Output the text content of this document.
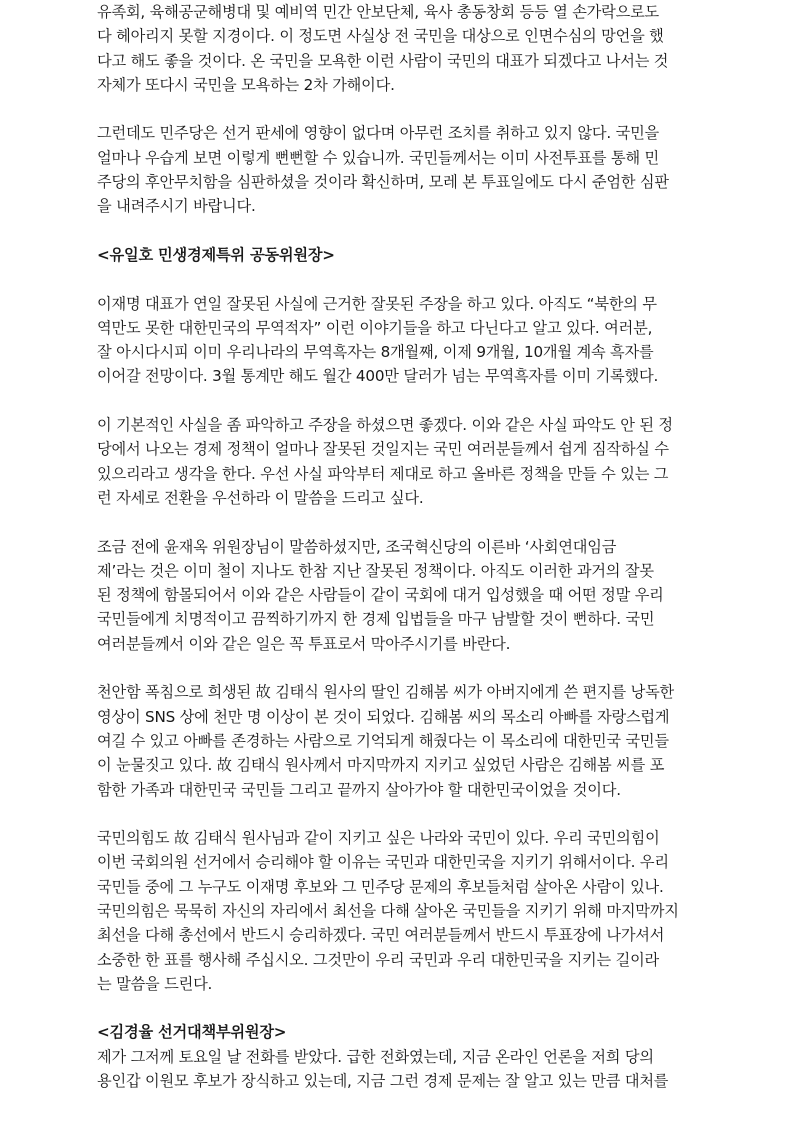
유족회, 육해공군해병대 및 예비역 민간 안보단체, 육사 총동창회 등등 열 손가락으로도
다 헤아리지 못할 지경이다. 이 정도면 사실상 전 국민을 대상으로 인면수심의 망언을 했
다고 해도 좋을 것이다. 온 국민을 모욕한 이런 사람이 국민의 대표가 되겠다고 나서는 것
자체가 또다시 국민을 모욕하는 2차 가해이다.
그런데도 민주당은 선거 판세에 영향이 없다며 아무런 조치를 취하고 있지 않다. 국민을
얼마나 우습게 보면 이렇게 뻔뻔할 수 있습니까. 국민들께서는 이미 사전투표를 통해 민
주당의 후안무치함을 심판하셨을 것이라 확신하며, 모레 본 투표일에도 다시 준엄한 심판
을 내려주시기 바랍니다.
<유일호 민생경제특위 공동위원장>
이재명 대표가 연일 잘못된 사실에 근거한 잘못된 주장을 하고 있다. 아직도 “북한의 무
역만도 못한 대한민국의 무역적자” 이런 이야기들을 하고 다닌다고 알고 있다. 여러분,
잘 아시다시피 이미 우리나라의 무역흑자는 8개월째, 이제 9개월, 10개월 계속 흑자를
이어갈 전망이다. 3월 통계만 해도 월간 400만 달러가 넘는 무역흑자를 이미 기록했다.
이 기본적인 사실을 좀 파악하고 주장을 하셨으면 좋겠다. 이와 같은 사실 파악도 안 된 정
당에서 나오는 경제 정책이 얼마나 잘못된 것일지는 국민 여러분들께서 쉽게 짐작하실 수
있으리라고 생각을 한다. 우선 사실 파악부터 제대로 하고 올바른 정책을 만들 수 있는 그
런 자세로 전환을 우선하라 이 말씀을 드리고 싶다.
조금 전에 윤재옥 위원장님이 말씀하셨지만, 조국혁신당의 이른바 ‘사회연대임금
제’라는 것은 이미 철이 지나도 한참 지난 잘못된 정책이다. 아직도 이러한 과거의 잘못
된 정책에 함몰되어서 이와 같은 사람들이 같이 국회에 대거 입성했을 때 어떤 정말 우리
국민들에게 치명적이고 끔찍하기까지 한 경제 입법들을 마구 남발할 것이 뻔하다. 국민
여러분들께서 이와 같은 일은 꼭 투표로서 막아주시기를 바란다.
천안함 폭침으로 희생된 故 김태식 원사의 딸인 김해봄 씨가 아버지에게 쓴 편지를 낭독한
영상이 SNS 상에 천만 명 이상이 본 것이 되었다. 김해봄 씨의 목소리 아빠를 자랑스럽게
여길 수 있고 아빠를 존경하는 사람으로 기억되게 해줬다는 이 목소리에 대한민국 국민들
이 눈물짓고 있다. 故 김태식 원사께서 마지막까지 지키고 싶었던 사람은 김해봄 씨를 포
함한 가족과 대한민국 국민들 그리고 끝까지 살아가야 할 대한민국이었을 것이다.
국민의힘도 故 김태식 원사님과 같이 지키고 싶은 나라와 국민이 있다. 우리 국민의힘이
이번 국회의원 선거에서 승리해야 할 이유는 국민과 대한민국을 지키기 위해서이다. 우리
국민들 중에 그 누구도 이재명 후보와 그 민주당 문제의 후보들처럼 살아온 사람이 있나.
국민의힘은 묵묵히 자신의 자리에서 최선을 다해 살아온 국민들을 지키기 위해 마지막까지
최선을 다해 총선에서 반드시 승리하겠다. 국민 여러분들께서 반드시 투표장에 나가셔서
소중한 한 표를 행사해 주십시오. 그것만이 우리 국민과 우리 대한민국을 지키는 길이라
는 말씀을 드린다.
<김경율 선거대책부위원장>
제가 그저께 토요일 날 전화를 받았다. 급한 전화였는데, 지금 온라인 언론을 저희 당의
용인갑 이원모 후보가 장식하고 있는데, 지금 그런 경제 문제는 잘 알고 있는 만큼 대처를
